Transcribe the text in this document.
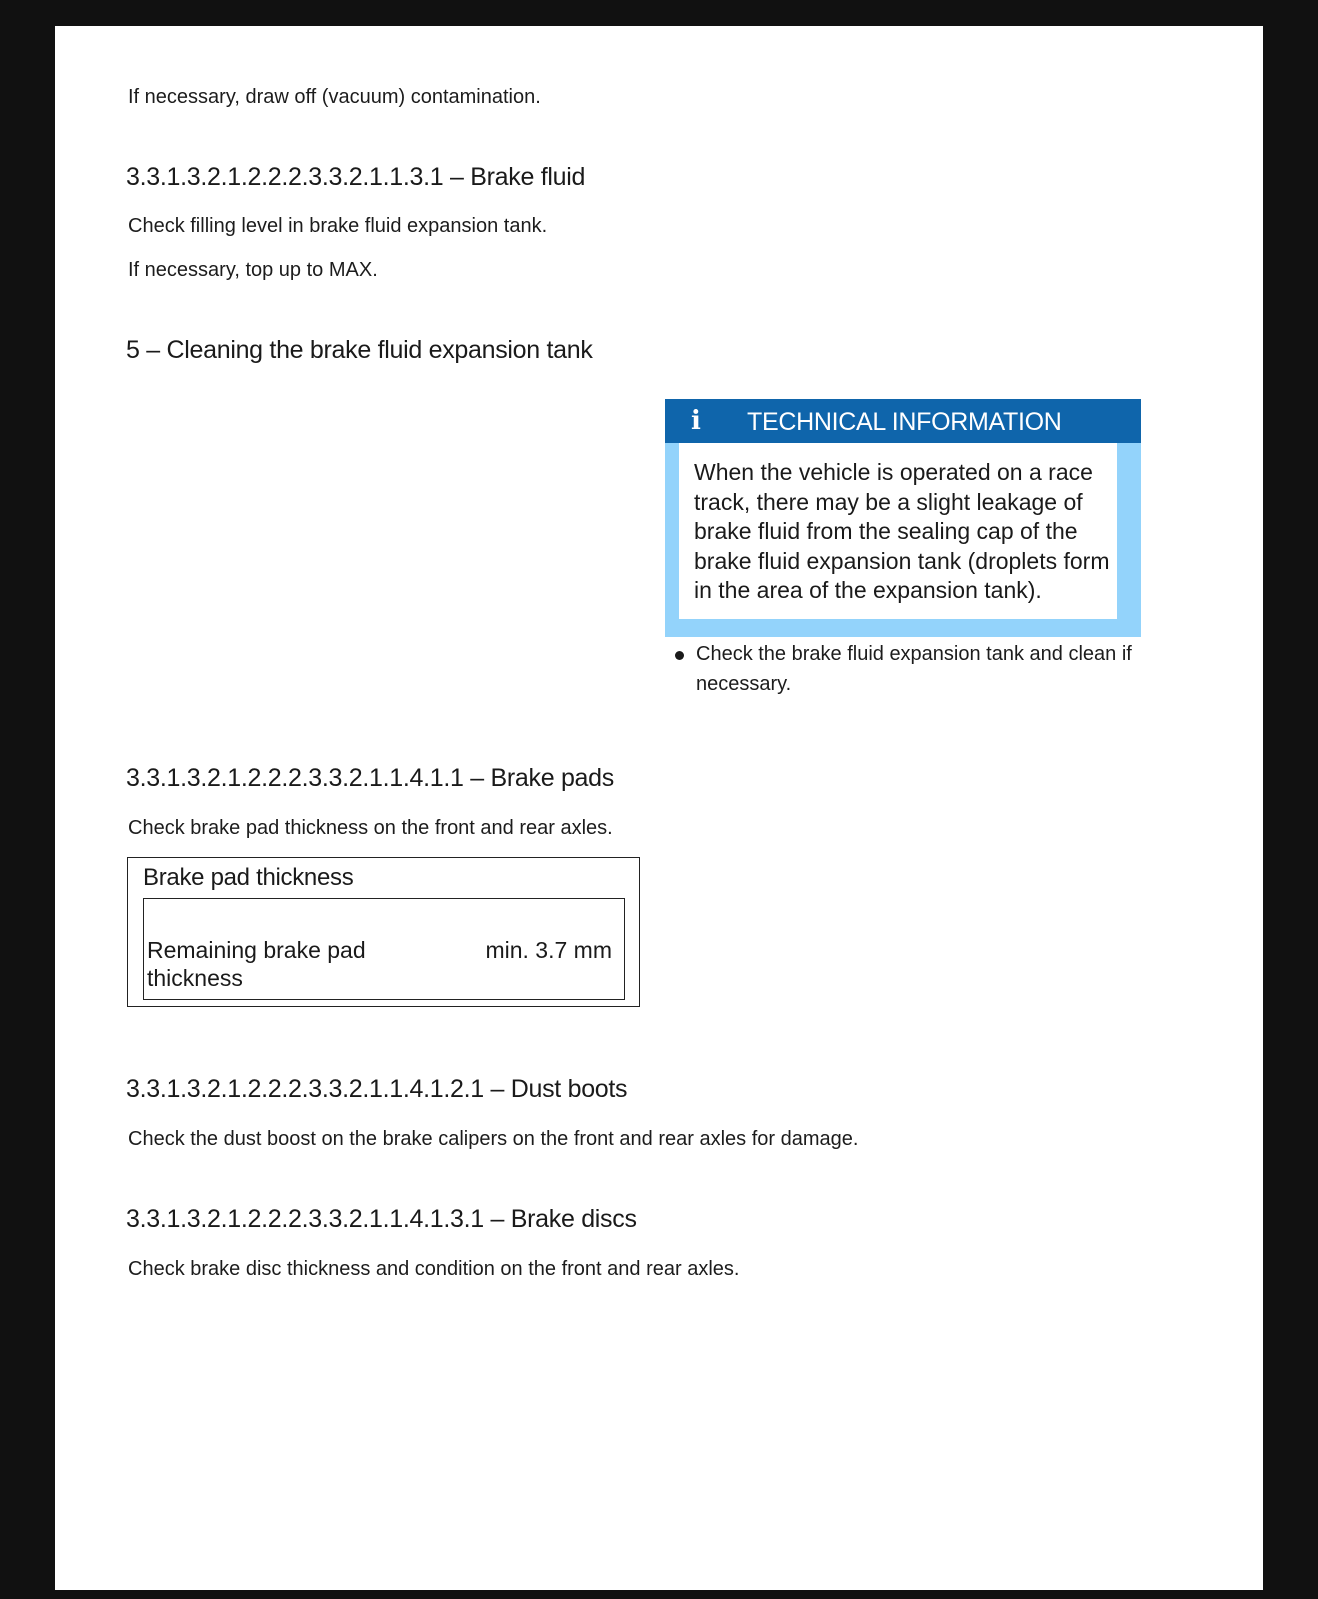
If necessary, draw off (vacuum) contamination.

3.3.1.3.2.1.2.2.2.3.3.2.1.1.3.1 – Brake fluid

Check filling level in brake fluid expansion tank.

If necessary, top up to MAX.

5 – Cleaning the brake fluid expansion tank

i TECHNICAL INFORMATION
When the vehicle is operated on a race track, there may be a slight leakage of brake fluid from the sealing cap of the brake fluid expansion tank (droplets form in the area of the expansion tank).
Check the brake fluid expansion tank and clean if necessary.

3.3.1.3.2.1.2.2.2.3.3.2.1.1.4.1.1 – Brake pads

Check brake pad thickness on the front and rear axles.

Brake pad thickness
Remaining brake pad thickness
min. 3.7 mm

3.3.1.3.2.1.2.2.2.3.3.2.1.1.4.1.2.1 – Dust boots

Check the dust boost on the brake calipers on the front and rear axles for damage.

3.3.1.3.2.1.2.2.2.3.3.2.1.1.4.1.3.1 – Brake discs

Check brake disc thickness and condition on the front and rear axles.
